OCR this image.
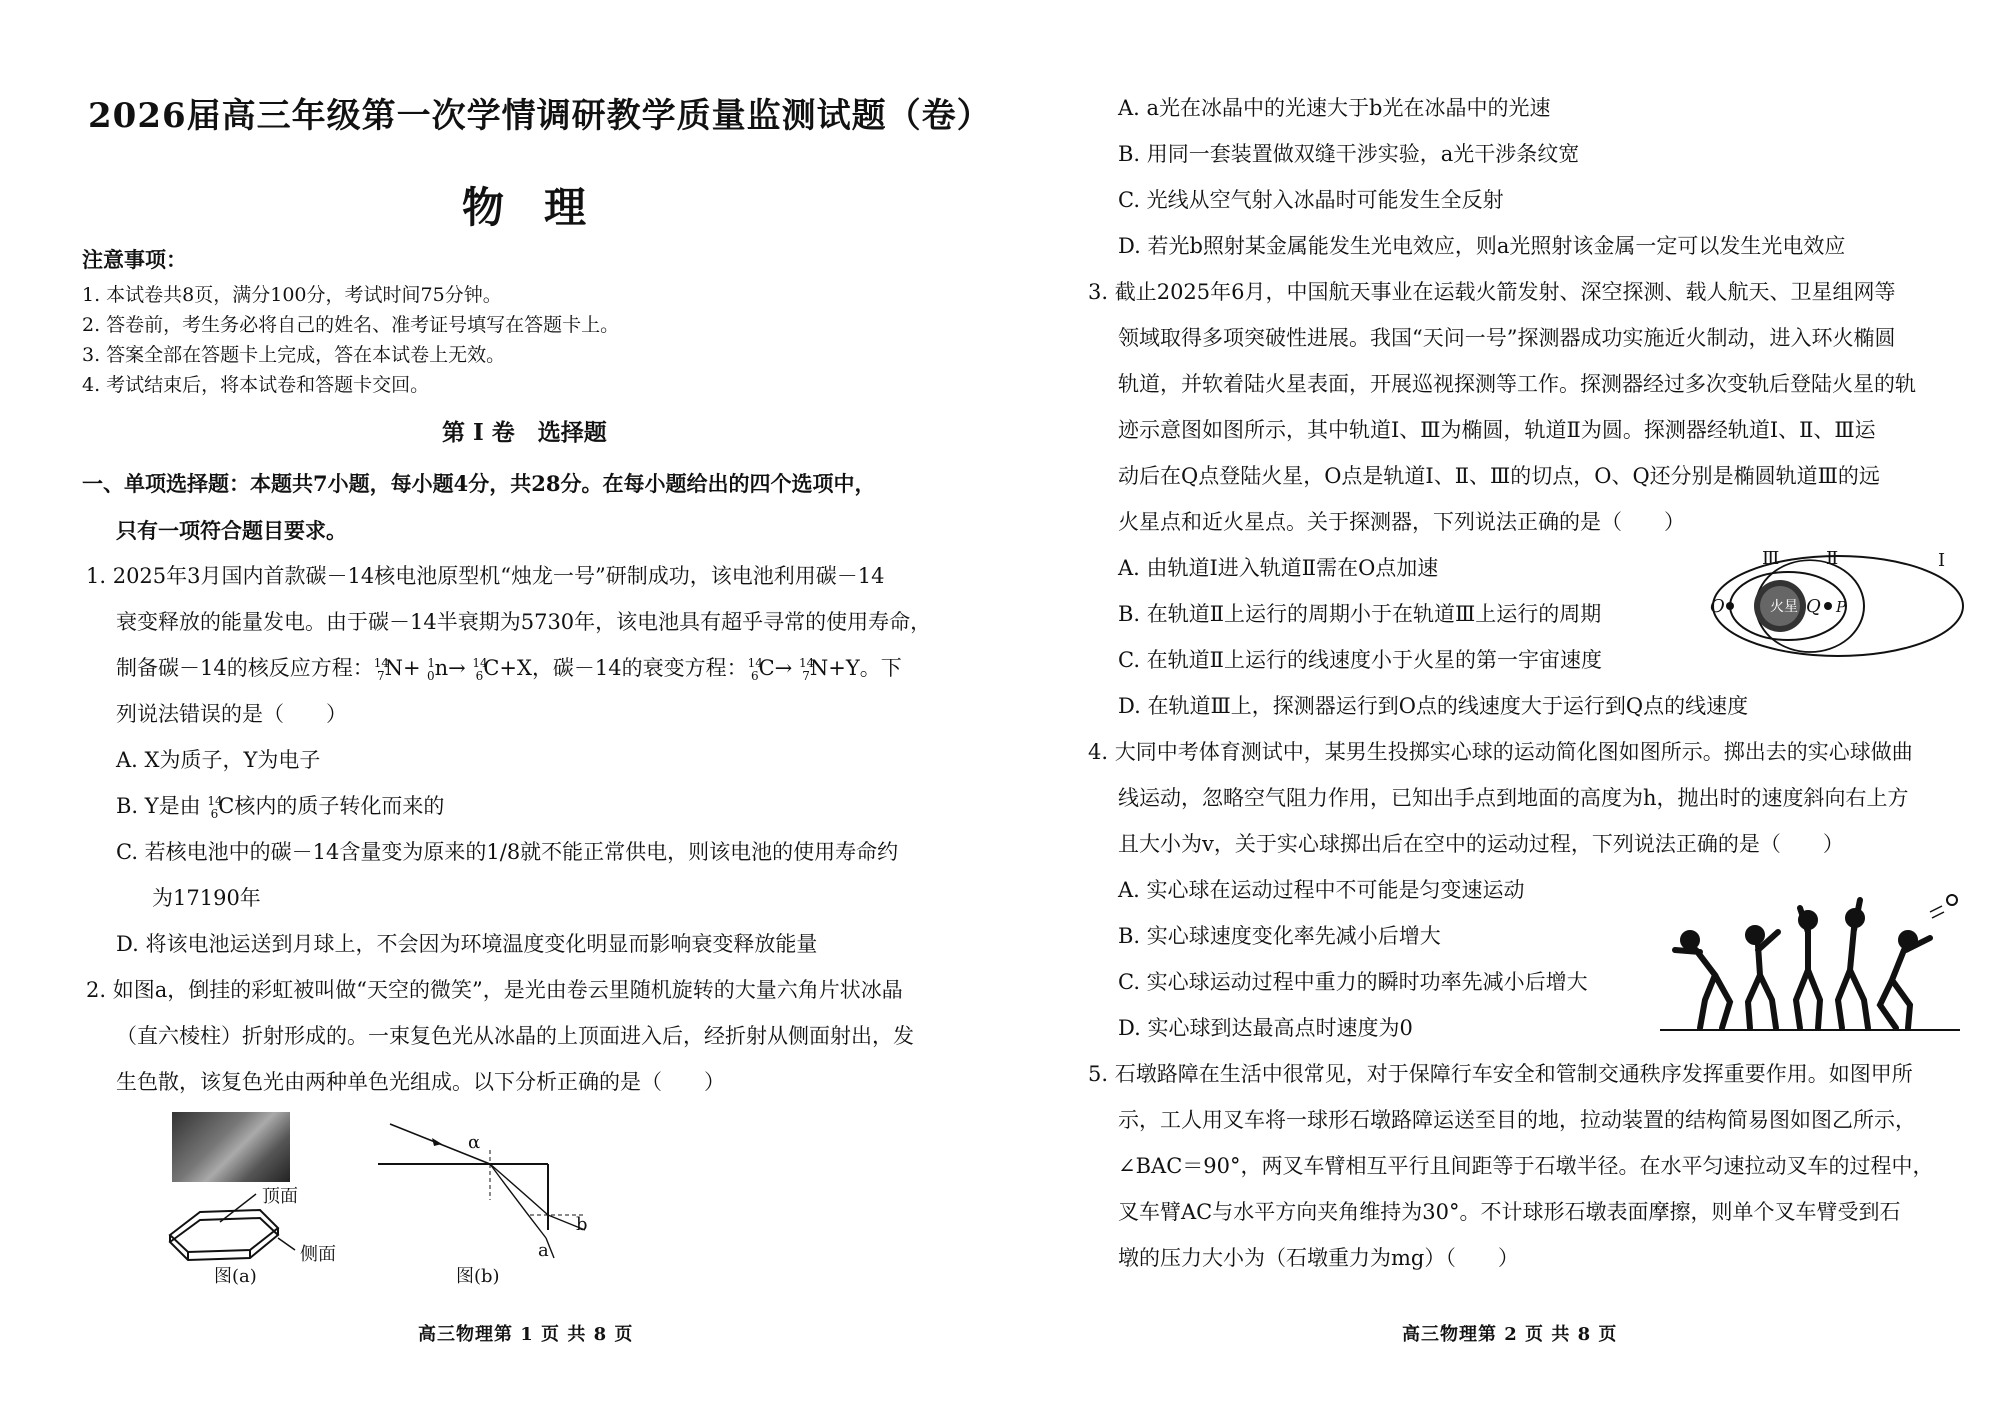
2026届高三年级第一次学情调研教学质量监测试题（卷）
物理
注意事项：
1. 本试卷共8页，满分100分，考试时间75分钟。
2. 答卷前，考生务必将自己的姓名、准考证号填写在答题卡上。
3. 答案全部在答题卡上完成，答在本试卷上无效。
4. 考试结束后，将本试卷和答题卡交回。
第 I 卷　选择题
一、单项选择题：本题共7小题，每小题4分，共28分。在每小题给出的四个选项中，
只有一项符合题目要求。
1. 2025年3月国内首款碳－14核电池原型机“烛龙一号”研制成功，该电池利用碳－14
衰变释放的能量发电。由于碳－14半衰期为5730年，该电池具有超乎寻常的使用寿命，
制备碳－14的核反应方程：$^{14}_7$N+ $^1_0$n→ $^{14}_6$C+X，碳－14的衰变方程：$^{14}_6$C→ $^{14}_7$N+Y。下
列说法错误的是（　　）
A. X为质子，Y为电子
B. Y是由 $^{14}_6$C核内的质子转化而来的
C. 若核电池中的碳－14含量变为原来的1/8就不能正常供电，则该电池的使用寿命约
为17190年
D. 将该电池运送到月球上，不会因为环境温度变化明显而影响衰变释放能量
2. 如图a，倒挂的彩虹被叫做“天空的微笑”，是光由卷云里随机旋转的大量六角片状冰晶
（直六棱柱）折射形成的。一束复色光从冰晶的上顶面进入后，经折射从侧面射出，发
生色散，该复色光由两种单色光组成。以下分析正确的是（　　）
顶面
侧面
图(a)
α
b
a
图(b)
高三物理第 1 页 共 8 页
A. a光在冰晶中的光速大于b光在冰晶中的光速
B. 用同一套装置做双缝干涉实验，a光干涉条纹宽
C. 光线从空气射入冰晶时可能发生全反射
D. 若光b照射某金属能发生光电效应，则a光照射该金属一定可以发生光电效应
3. 截止2025年6月，中国航天事业在运载火箭发射、深空探测、载人航天、卫星组网等
领域取得多项突破性进展。我国“天问一号”探测器成功实施近火制动，进入环火椭圆
轨道，并软着陆火星表面，开展巡视探测等工作。探测器经过多次变轨后登陆火星的轨
迹示意图如图所示，其中轨道Ⅰ、Ⅲ为椭圆，轨道Ⅱ为圆。探测器经轨道Ⅰ、Ⅱ、Ⅲ运
动后在Q点登陆火星，O点是轨道Ⅰ、Ⅱ、Ⅲ的切点，O、Q还分别是椭圆轨道Ⅲ的远
火星点和近火星点。关于探测器，下列说法正确的是（　　）
A. 由轨道Ⅰ进入轨道Ⅱ需在O点加速
B. 在轨道Ⅱ上运行的周期小于在轨道Ⅲ上运行的周期
C. 在轨道Ⅱ上运行的线速度小于火星的第一宇宙速度
D. 在轨道Ⅲ上，探测器运行到O点的线速度大于运行到Q点的线速度
火星
Ⅲ	Ⅱ	Ⅰ
O	Q P
4. 大同中考体育测试中，某男生投掷实心球的运动简化图如图所示。掷出去的实心球做曲
线运动，忽略空气阻力作用，已知出手点到地面的高度为h，抛出时的速度斜向右上方
且大小为v，关于实心球掷出后在空中的运动过程，下列说法正确的是（　　）
A. 实心球在运动过程中不可能是匀变速运动
B. 实心球速度变化率先减小后增大
C. 实心球运动过程中重力的瞬时功率先减小后增大
D. 实心球到达最高点时速度为0
5. 石墩路障在生活中很常见，对于保障行车安全和管制交通秩序发挥重要作用。如图甲所
示，工人用叉车将一球形石墩路障运送至目的地，拉动装置的结构简易图如图乙所示，
∠BAC＝90°，两叉车臂相互平行且间距等于石墩半径。在水平匀速拉动叉车的过程中，
叉车臂AC与水平方向夹角维持为30°。不计球形石墩表面摩擦，则单个叉车臂受到石
墩的压力大小为（石墩重力为mg）（　　）
高三物理第 2 页 共 8 页
